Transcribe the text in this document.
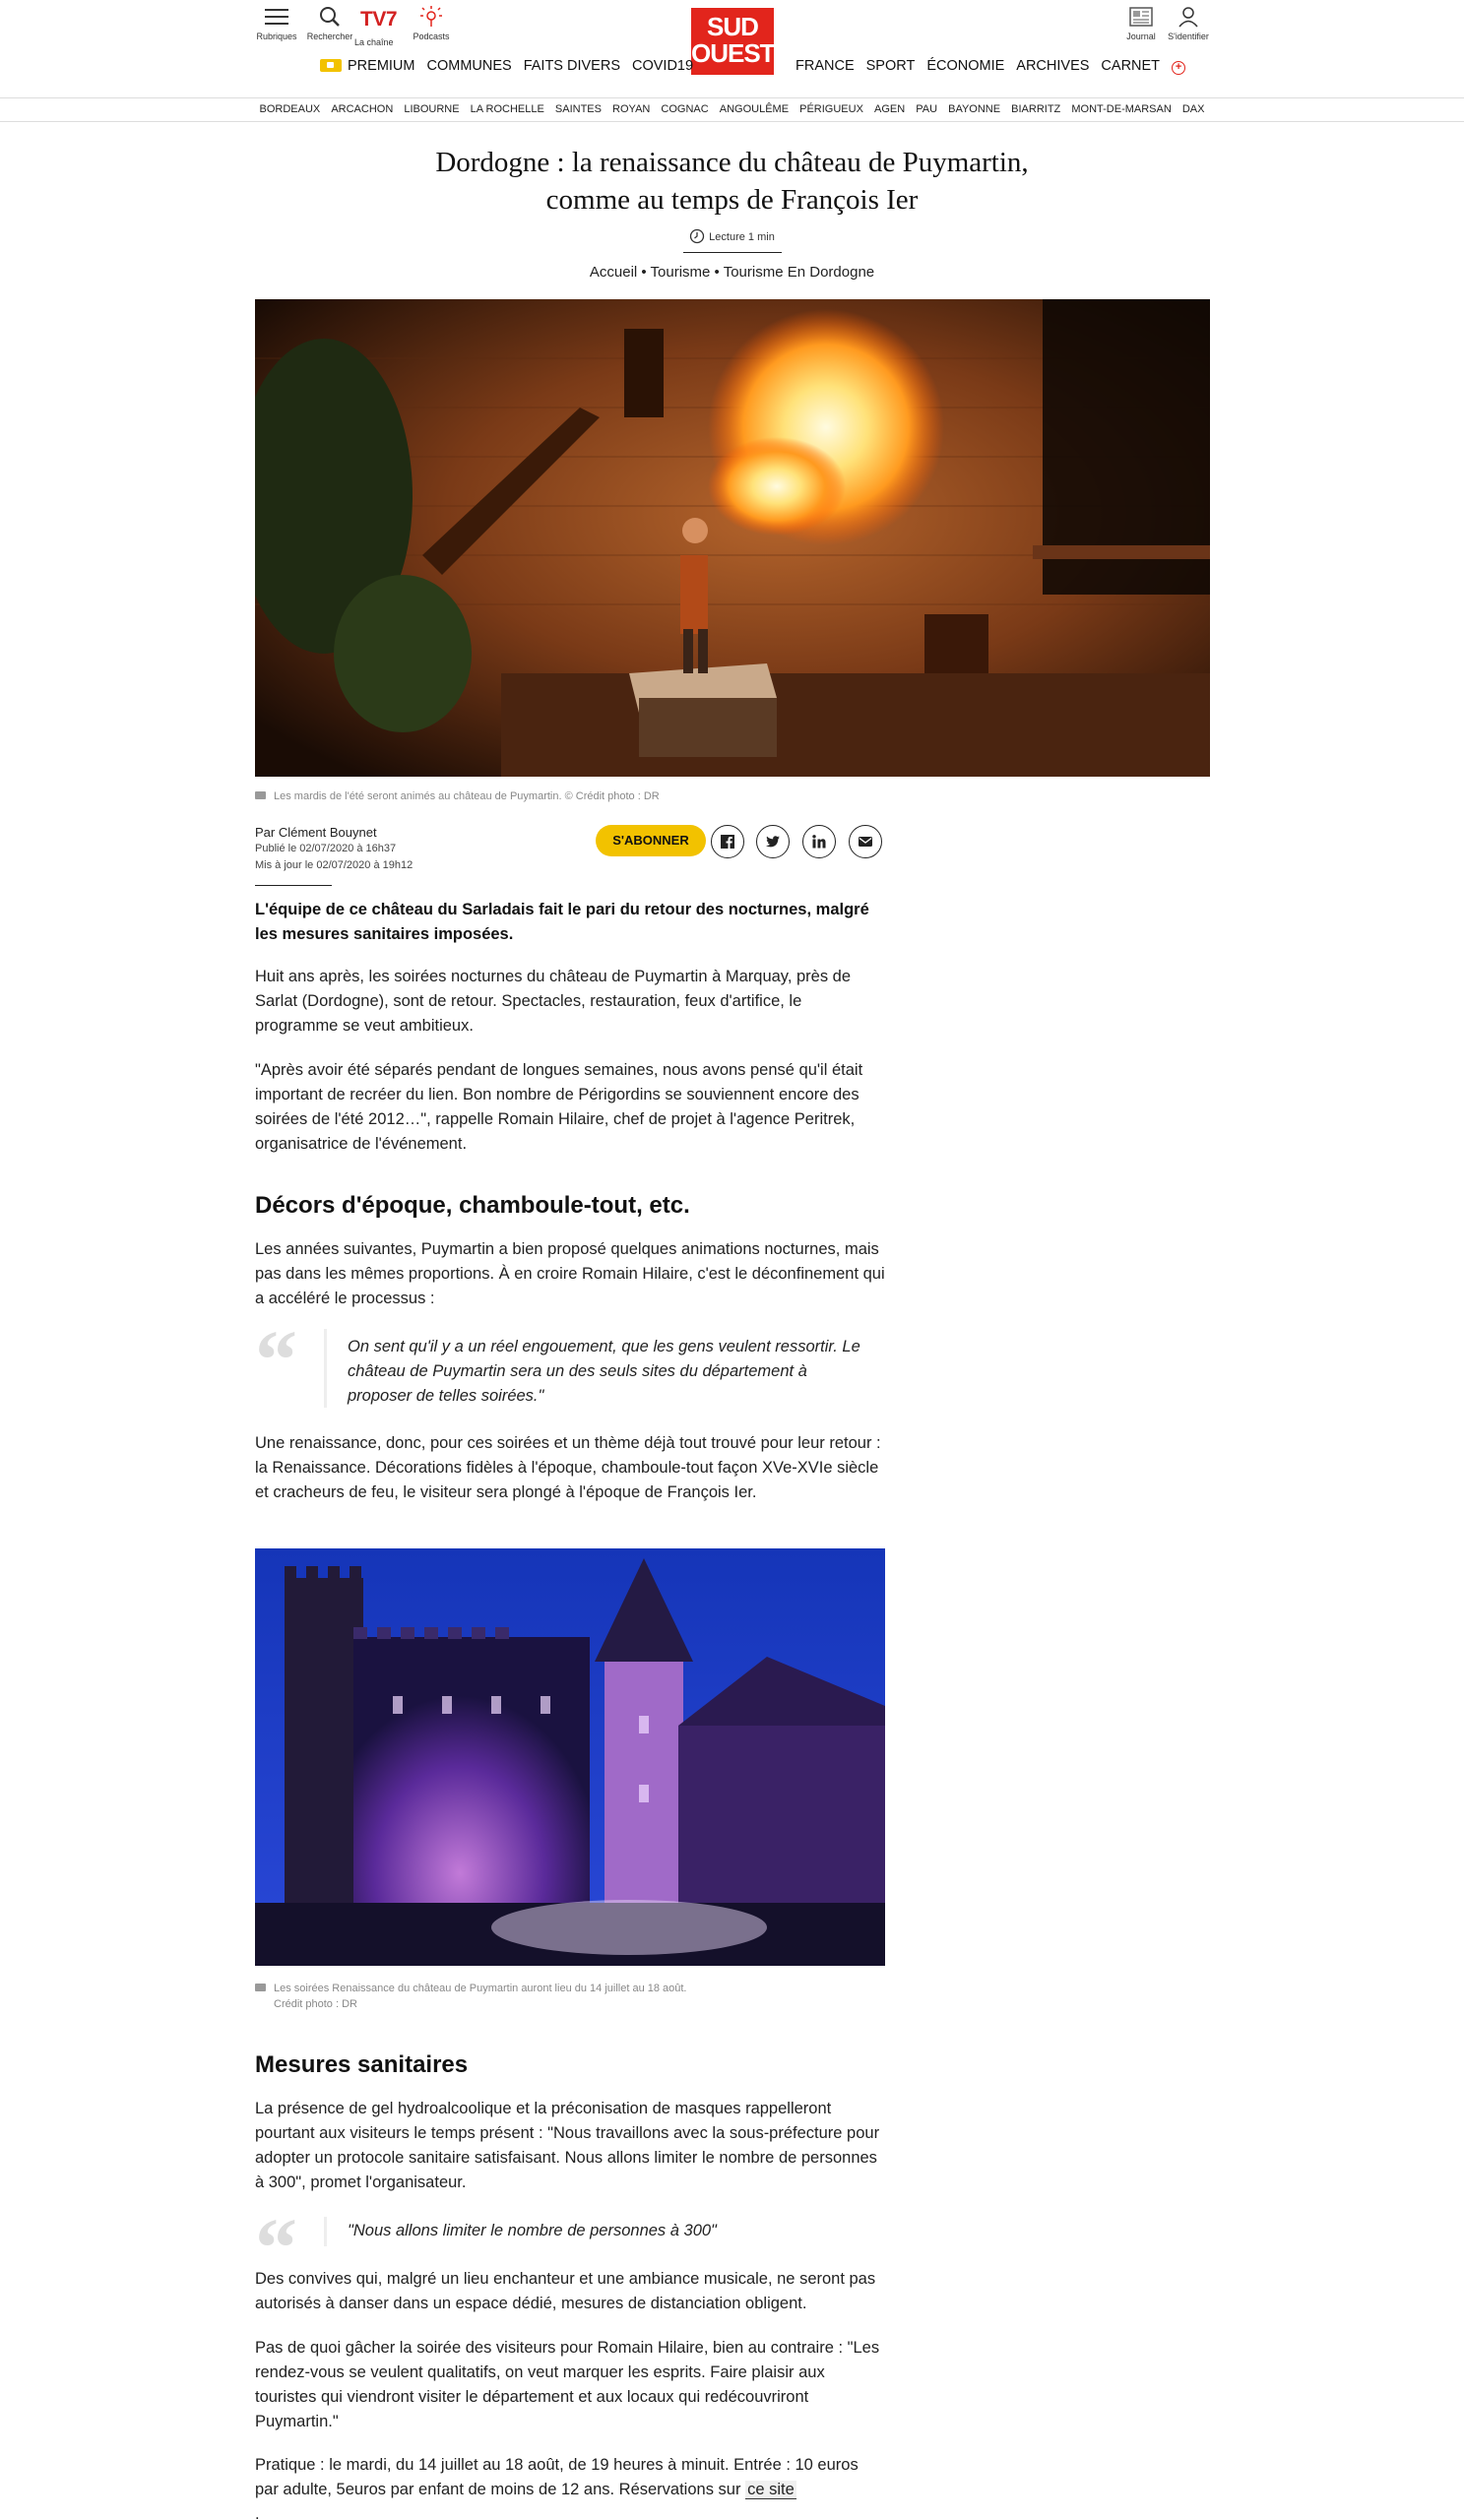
Rubriques	Rechercher
TV7
La chaîne
Podcasts	SUD
OUEST
Journal	S'identifier
PREMIUM COMMUNES FAITS DIVERS COVID19	FRANCE SPORT ÉCONOMIE ARCHIVES CARNET +
BORDEAUX ARCACHON LIBOURNE LA ROCHELLE SAINTES ROYAN COGNAC ANGOULÊME PÉRIGUEUX AGEN PAU BAYONNE BIARRITZ MONT-DE-MARSAN DAX
Dordogne : la renaissance du château de Puymartin,
comme au temps de François Ier
Lecture 1 min
Accueil • Tourisme • Tourisme En Dordogne
Les mardis de l'été seront animés au château de Puymartin. © Crédit photo : DR
Par Clément Bouynet
Publié le 02/07/2020 à 16h37
Mis à jour le 02/07/2020 à 19h12
S'ABONNER

L'équipe de ce château du Sarladais fait le pari du retour des nocturnes, malgré les mesures sanitaires imposées.

Huit ans après, les soirées nocturnes du château de Puymartin à Marquay, près de Sarlat (Dordogne), sont de retour. Spectacles, restauration, feux d'artifice, le programme se veut ambitieux.

"Après avoir été séparés pendant de longues semaines, nous avons pensé qu'il était important de recréer du lien. Bon nombre de Périgordins se souviennent encore des soirées de l'été 2012…", rappelle Romain Hilaire, chef de projet à l'agence Peritrek, organisatrice de l'événement.

Décors d'époque, chamboule-tout, etc.

Les années suivantes, Puymartin a bien proposé quelques animations nocturnes, mais pas dans les mêmes proportions. À en croire Romain Hilaire, c'est le déconfinement qui a accéléré le processus :

“	On sent qu'il y a un réel engouement, que les gens veulent ressortir. Le château de Puymartin sera un des seuls sites du département à proposer de telles soirées."

Une renaissance, donc, pour ces soirées et un thème déjà tout trouvé pour leur retour : la Renaissance. Décorations fidèles à l'époque, chamboule-tout façon XVe-XVIe siècle et cracheurs de feu, le visiteur sera plongé à l'époque de François Ier.

Les soirées Renaissance du château de Puymartin auront lieu du 14 juillet au 18 août.
Crédit photo : DR
Mesures sanitaires

La présence de gel hydroalcoolique et la préconisation de masques rappelleront pourtant aux visiteurs le temps présent : "Nous travaillons avec la sous-préfecture pour adopter un protocole sanitaire satisfaisant. Nous allons limiter le nombre de personnes à 300", promet l'organisateur.

“	"Nous allons limiter le nombre de personnes à 300"

Des convives qui, malgré un lieu enchanteur et une ambiance musicale, ne seront pas autorisés à danser dans un espace dédié, mesures de distanciation obligent.

Pas de quoi gâcher la soirée des visiteurs pour Romain Hilaire, bien au contraire : "Les rendez-vous se veulent qualitatifs, on veut marquer les esprits. Faire plaisir aux touristes qui viendront visiter le département et aux locaux qui redécouvriront Puymartin."

Pratique : le mardi, du 14 juillet au 18 août, de 19 heures à minuit. Entrée : 10 euros par adulte, 5euros par enfant de moins de 12 ans. Réservations sur ce site
.
